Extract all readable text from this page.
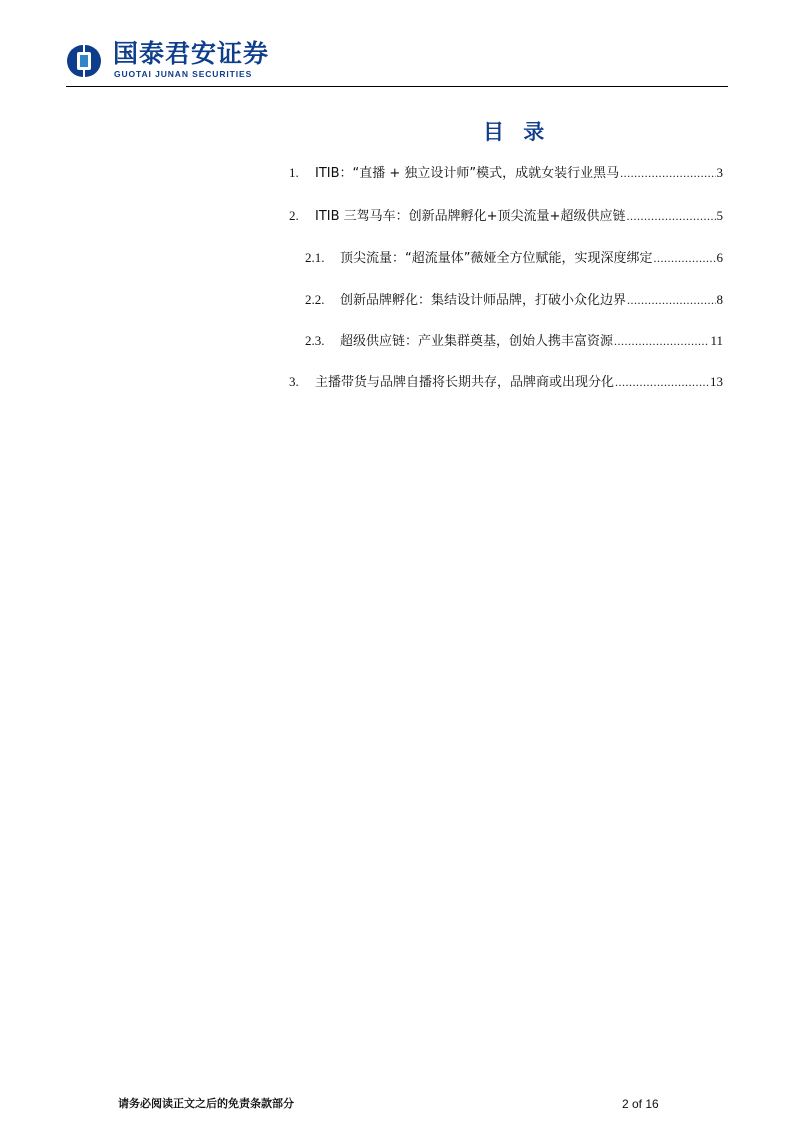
国泰君安证券
GUOTAI JUNAN SECURITIES
目 录
1.	ITIB：“直播 + 独立设计师”模式，成就女装行业黑马 .....	3
2.	ITIB 三驾马车：创新品牌孵化+顶尖流量+超级供应链 .....	5
2.1.	顶尖流量：“超流量体”薇娅全方位赋能，实现深度绑定 .....	6
2.2.	创新品牌孵化：集结设计师品牌，打破小众化边界 .....	8
2.3.	超级供应链：产业集群奠基，创始人携丰富资源 .....	11
3.	主播带货与品牌自播将长期共存，品牌商或出现分化 .....	13
请务必阅读正文之后的免责条款部分	2 of 16
